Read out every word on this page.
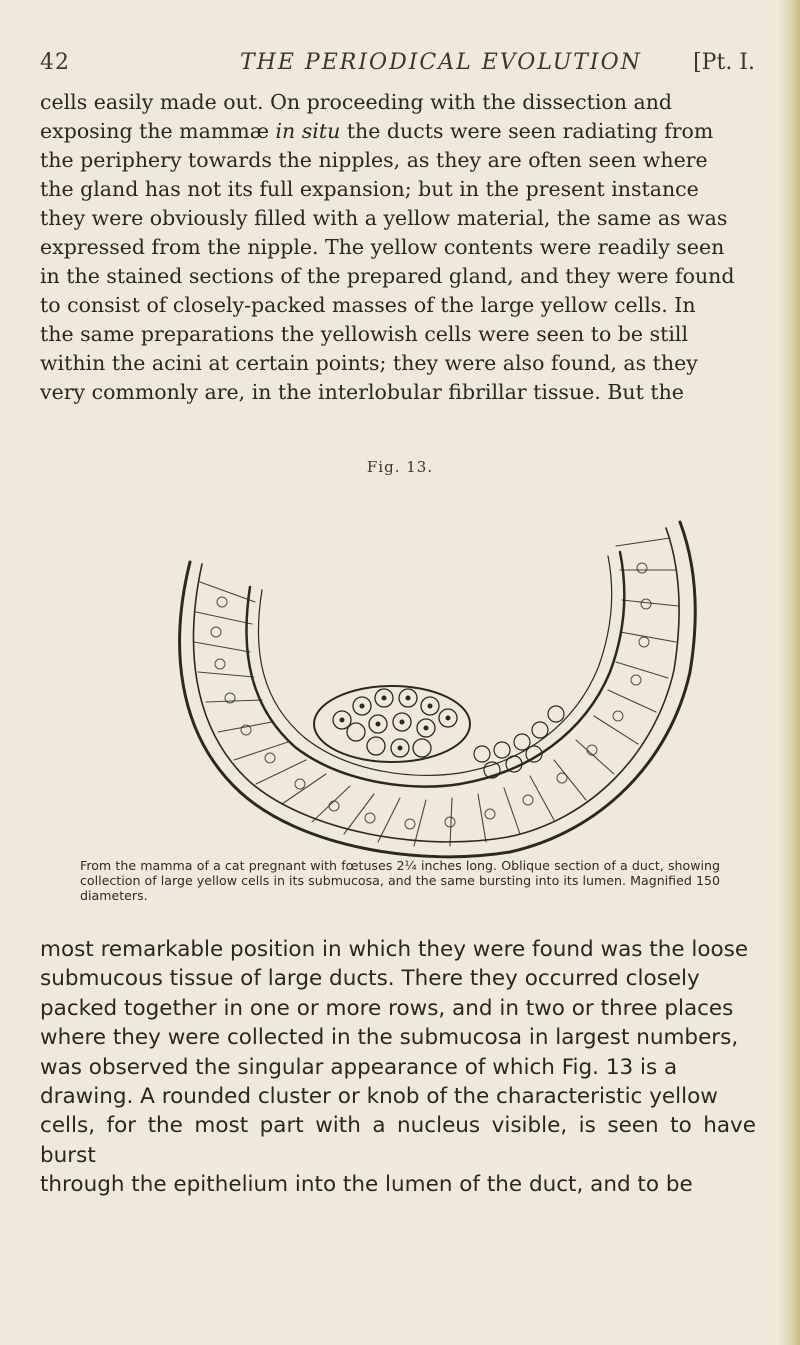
42	THE PERIODICAL EVOLUTION [Pt. I.
cells easily made out. On proceeding with the dissection and
exposing the mammæ in situ the ducts were seen radiating from
the periphery towards the nipples, as they are often seen where
the gland has not its full expansion; but in the present instance
they were obviously filled with a yellow material, the same as was
expressed from the nipple. The yellow contents were readily seen
in the stained sections of the prepared gland, and they were found
to consist of closely-packed masses of the large yellow cells. In
the same preparations the yellowish cells were seen to be still
within the acini at certain points; they were also found, as they
very commonly are, in the interlobular fibrillar tissue. But the
Fig. 13.
From the mamma of a cat pregnant with fœtuses 2¼ inches long. Oblique section of a duct, showing collection of large yellow cells in its submucosa, and the same bursting into its lumen. Magnified 150 diameters.
most remarkable position in which they were found was the loose
submucous tissue of large ducts. There they occurred closely
packed together in one or more rows, and in two or three places
where they were collected in the submucosa in largest numbers,
was observed the singular appearance of which Fig. 13 is a
drawing. A rounded cluster or knob of the characteristic yellow
cells, for the most part with a nucleus visible, is seen to have burst
through the epithelium into the lumen of the duct, and to be
